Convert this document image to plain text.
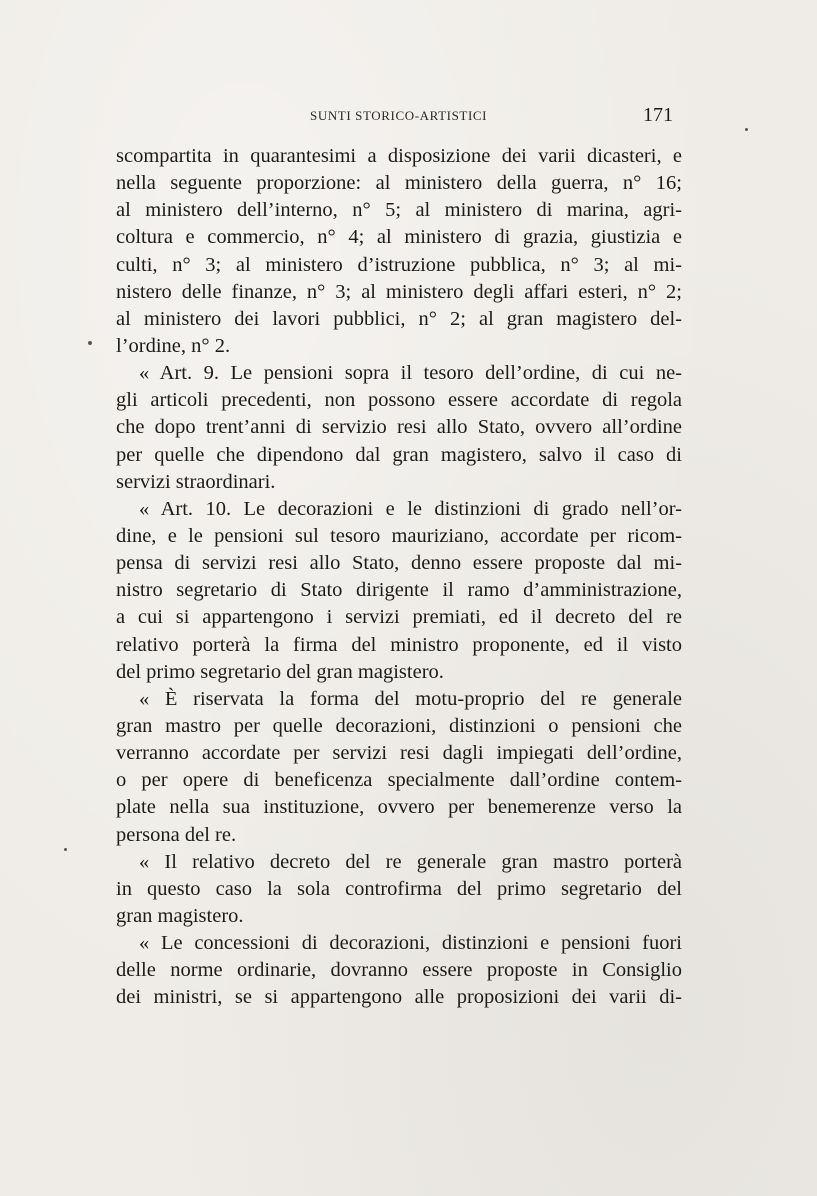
SUNTI STORICO-ARTISTICI	171
scompartita in quarantesimi a disposizione dei varii dicasteri, e
nella seguente proporzione: al ministero della guerra, n° 16;
al ministero dell’interno, n° 5; al ministero di marina, agri-
coltura e commercio, n° 4; al ministero di grazia, giustizia e
culti, n° 3; al ministero d’istruzione pubblica, n° 3; al mi-
nistero delle finanze, n° 3; al ministero degli affari esteri, n° 2;
al ministero dei lavori pubblici, n° 2; al gran magistero del-
l’ordine, n° 2.
« Art. 9. Le pensioni sopra il tesoro dell’ordine, di cui ne-
gli articoli precedenti, non possono essere accordate di regola
che dopo trent’anni di servizio resi allo Stato, ovvero all’ordine
per quelle che dipendono dal gran magistero, salvo il caso di
servizi straordinari.
« Art. 10. Le decorazioni e le distinzioni di grado nell’or-
dine, e le pensioni sul tesoro mauriziano, accordate per ricom-
pensa di servizi resi allo Stato, denno essere proposte dal mi-
nistro segretario di Stato dirigente il ramo d’amministrazione,
a cui si appartengono i servizi premiati, ed il decreto del re
relativo porterà la firma del ministro proponente, ed il visto
del primo segretario del gran magistero.
« È riservata la forma del motu-proprio del re generale
gran mastro per quelle decorazioni, distinzioni o pensioni che
verranno accordate per servizi resi dagli impiegati dell’ordine,
o per opere di beneficenza specialmente dall’ordine contem-
plate nella sua instituzione, ovvero per benemerenze verso la
persona del re.
« Il relativo decreto del re generale gran mastro porterà
in questo caso la sola controfirma del primo segretario del
gran magistero.
« Le concessioni di decorazioni, distinzioni e pensioni fuori
delle norme ordinarie, dovranno essere proposte in Consiglio
dei ministri, se si appartengono alle proposizioni dei varii di-
